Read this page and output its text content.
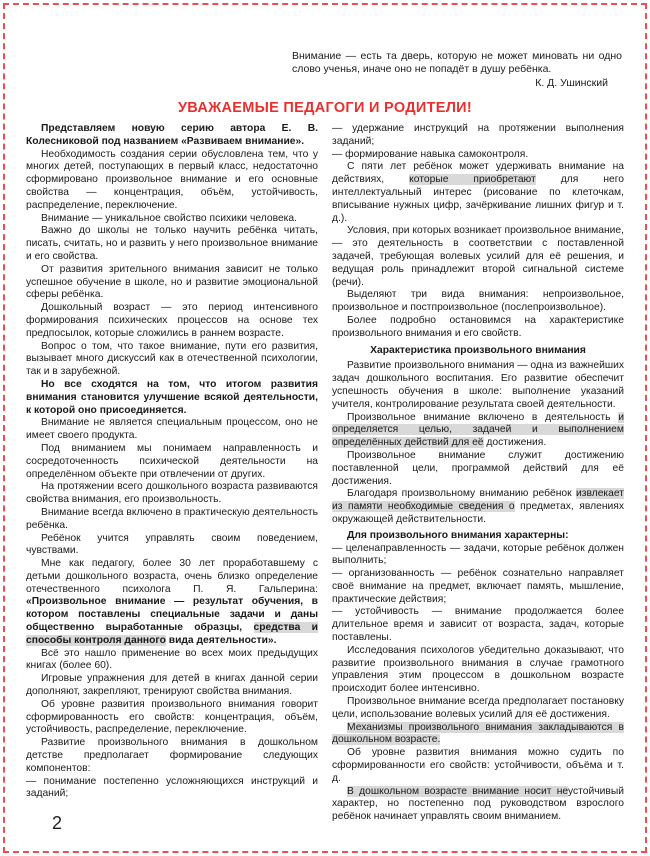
Внимание — есть та дверь, которую не может миновать ни одно слово ученья, иначе оно не попадёт в душу ребёнка.
К. Д. Ушинский
УВАЖАЕМЫЕ ПЕДАГОГИ И РОДИТЕЛИ!

Представляем новую серию автора Е. В. Колесниковой под названием «Развиваем внимание».

Необходимость создания серии обусловлена тем, что у многих детей, поступающих в первый класс, недостаточно сформировано произвольное внимание и его основные свойства — концентрация, объём, устойчивость, распределение, переключение.

Внимание — уникальное свойство психики человека.

Важно до школы не только научить ребёнка читать, писать, считать, но и развить у него произвольное внимание и его свойства.

От развития зрительного внимания зависит не только успешное обучение в школе, но и развитие эмоциональной сферы ребёнка.

Дошкольный возраст — это период интенсивного формирования психических процессов на основе тех предпосылок, которые сложились в раннем возрасте.

Вопрос о том, что такое внимание, пути его развития, вызывает много дискуссий как в отечественной психологии, так и в зарубежной.

Но все сходятся на том, что итогом развития внимания становится улучшение всякой деятельности, к которой оно присоединяется.

Внимание не является специальным процессом, оно не имеет своего продукта.

Под вниманием мы понимаем направленность и сосредоточенность психической деятельности на определённом объекте при отвлечении от других.

На протяжении всего дошкольного возраста развиваются свойства внимания, его произвольность.

Внимание всегда включено в практическую деятельность ребёнка.

Ребёнок учится управлять своим поведением, чувствами.

Мне как педагогу, более 30 лет проработавшему с детьми дошкольного возраста, очень близко определение отечественного психолога П. Я. Гальперина: «Произвольное внимание — результат обучения, в котором поставлены специальные задачи и даны общественно выработанные образцы, средства и способы контроля данного вида деятельности».

Всё это нашло применение во всех моих предыдущих книгах (более 60).

Игровые упражнения для детей в книгах данной серии дополняют, закрепляют, тренируют свойства внимания.

Об уровне развития произвольного внимания говорит сформированность его свойств: концентрация, объём, устойчивость, распределение, переключение.

Развитие произвольного внимания в дошкольном детстве предполагает формирование следующих компонентов:

— понимание постепенно усложняющихся инструкций и заданий;

— удержание инструкций на протяжении выполнения заданий;

— формирование навыка самоконтроля.

С пяти лет ребёнок может удерживать внимание на действиях, которые приобретают для него интеллектуальный интерес (рисование по клеточкам, вписывание нужных цифр, зачёркивание лишних фигур и т. д.).

Условия, при которых возникает произвольное внимание, — это деятельность в соответствии с поставленной задачей, требующая волевых усилий для её решения, и ведущая роль принадлежит второй сигнальной системе (речи).

Выделяют три вида внимания: непроизвольное, произвольное и постпроизвольное (послепроизвольное).

Более подробно остановимся на характеристике произвольного внимания и его свойств.

Характеристика произвольного внимания

Развитие произвольного внимания — одна из важнейших задач дошкольного воспитания. Его развитие обеспечит успешность обучения в школе: выполнение указаний учителя, контролирование результата своей деятельности.

Произвольное внимание включено в деятельность и определяется целью, задачей и выполнением определённых действий для её достижения.

Произвольное внимание служит достижению поставленной цели, программой действий для её достижения.

Благодаря произвольному вниманию ребёнок извлекает из памяти необходимые сведения о предметах, явлениях окружающей действительности.

Для произвольного внимания характерны:

— целенаправленность — задачи, которые ребёнок должен выполнить;

— организованность — ребёнок сознательно направляет своё внимание на предмет, включает память, мышление, практические действия;

— устойчивость — внимание продолжается более длительное время и зависит от возраста, задач, которые поставлены.

Исследования психологов убедительно доказывают, что развитие произвольного внимания в случае грамотного управления этим процессом в дошкольном возрасте происходит более интенсивно.

Произвольное внимание всегда предполагает постановку цели, использование волевых усилий для её достижения.

Механизмы произвольного внимания закладываются в дошкольном возрасте.

Об уровне развития внимания можно судить по сформированности его свойств: устойчивости, объёма и т. д.

В дошкольном возрасте внимание носит неустойчивый характер, но постепенно под руководством взрослого ребёнок начинает управлять своим вниманием.

2
